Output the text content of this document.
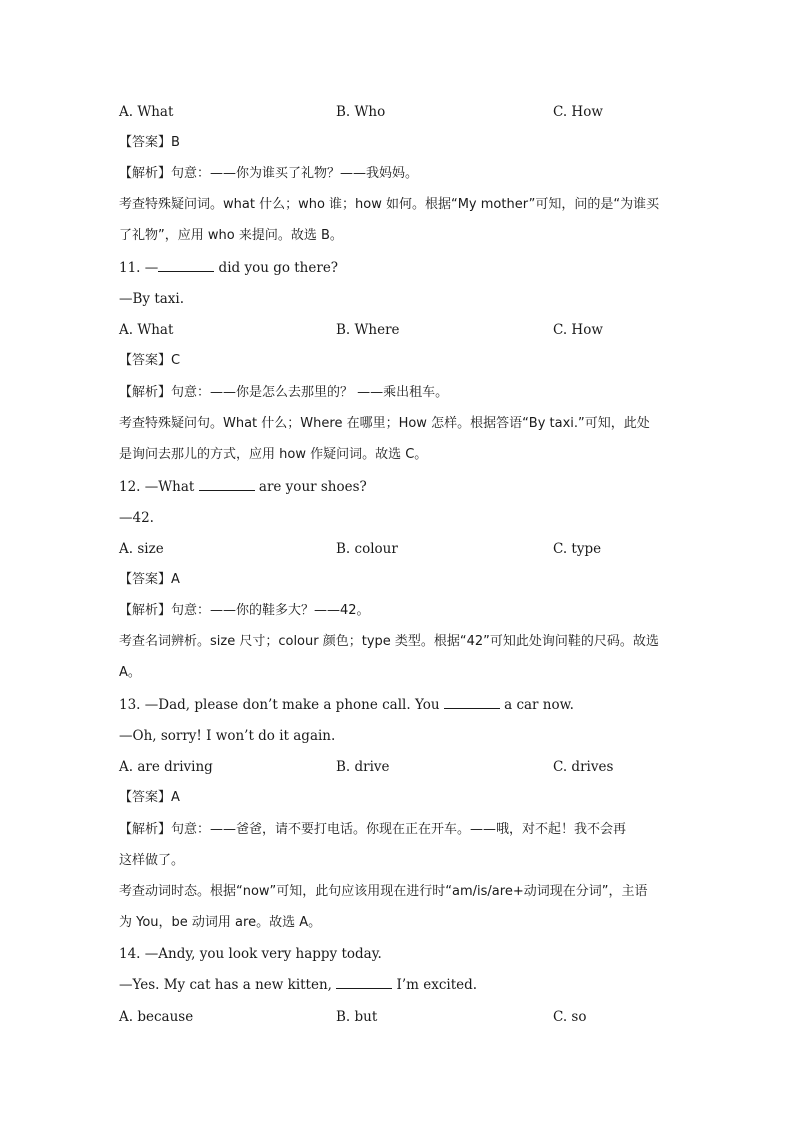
A. What	B. Who	C. How
【答案】B
【解析】句意：——你为谁买了礼物？——我妈妈。
考查特殊疑问词。what 什么；who 谁；how 如何。根据“My mother”可知，问的是“为谁买
了礼物”，应用 who 来提问。故选 B。
11. —	did you go there?
—By taxi.
A. What	B. Where	C. How
【答案】C
【解析】句意：——你是怎么去那里的？ ——乘出租车。
考查特殊疑问句。What 什么；Where 在哪里；How 怎样。根据答语“By taxi.”可知，此处
是询问去那儿的方式，应用 how 作疑问词。故选 C。
12. —What	are your shoes?
—42.
A. size	B. colour	C. type
【答案】A
【解析】句意：——你的鞋多大？——42。
考查名词辨析。size 尺寸；colour 颜色；type 类型。根据“42”可知此处询问鞋的尺码。故选
A。
13. —Dad, please don’t make a phone call. You	a car now.
—Oh, sorry! I won’t do it again.
A. are driving	B. drive	C. drives
【答案】A
【解析】句意：——爸爸，请不要打电话。你现在正在开车。——哦，对不起！我不会再
这样做了。
考查动词时态。根据“now”可知，此句应该用现在进行时“am/is/are+动词现在分词”，主语
为 You，be 动词用 are。故选 A。
14. —Andy, you look very happy today.
—Yes. My cat has a new kitten,	I’m excited.
A. because	B. but	C. so
